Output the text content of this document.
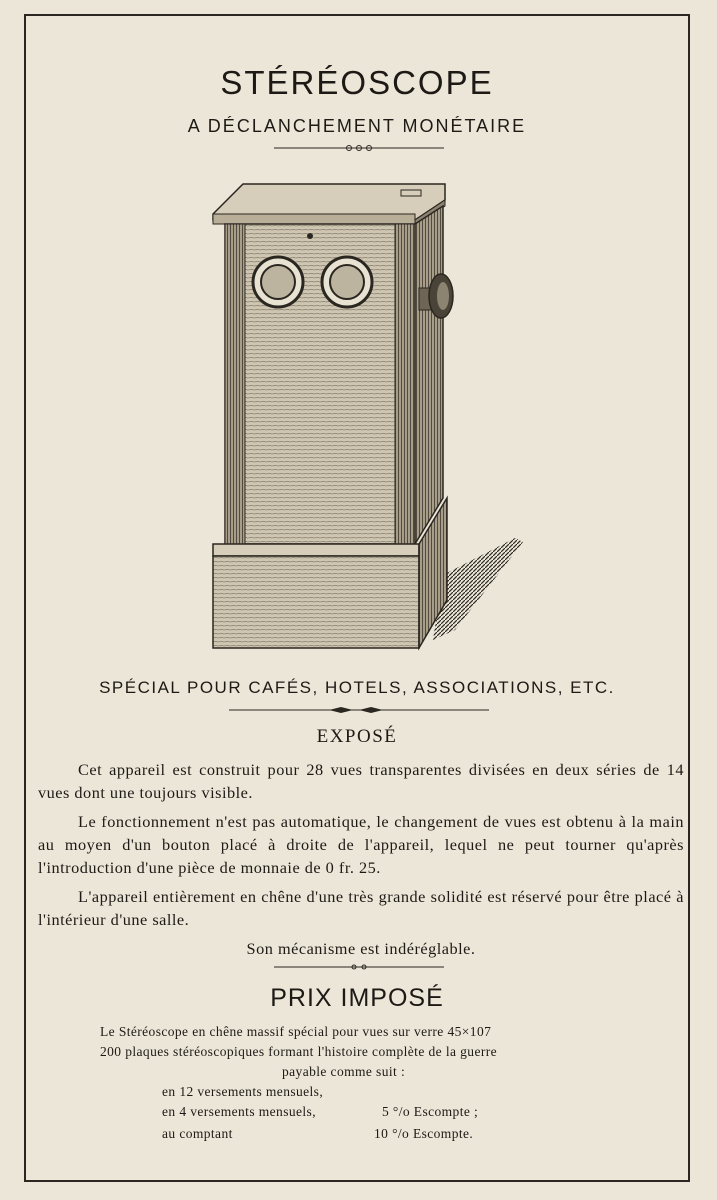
STÉRÉOSCOPE
A DÉCLANCHEMENT MONÉTAIRE
SPÉCIAL POUR CAFÉS, HOTELS, ASSOCIATIONS, ETC.
EXPOSÉ

Cet appareil est construit pour 28 vues transparentes divisées en deux séries de 14 vues dont une toujours visible.

Le fonctionnement n'est pas automatique, le changement de vues est obtenu à la main au moyen d'un bouton placé à droite de l'appareil, lequel ne peut tourner qu'après l'introduction d'une pièce de monnaie de 0 fr. 25.

L'appareil entièrement en chêne d'une très grande solidité est réservé pour être placé à l'intérieur d'une salle.

Son mécanisme est indéréglable.

PRIX IMPOSÉ
Le Stéréoscope en chêne massif spécial pour vues sur verre 45×107
200 plaques stéréoscopiques formant l'histoire complète de la guerre
payable comme suit :
en 12 versements mensuels,
en 4 versements mensuels,	5 °/o Escompte ;
au comptant	10 °/o Escompte.
